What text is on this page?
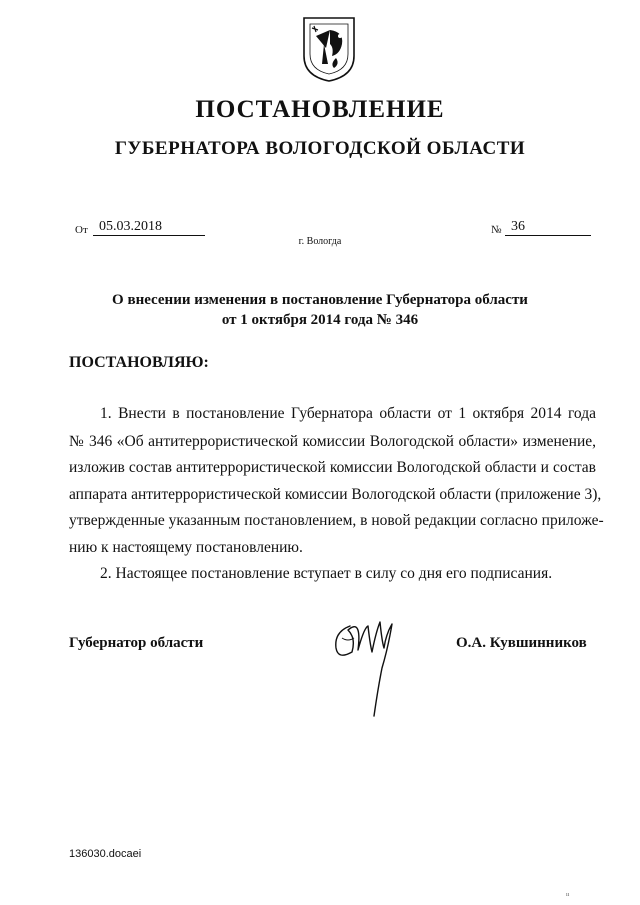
ПОСТАНОВЛЕНИЕ
ГУБЕРНАТОРА ВОЛОГОДСКОЙ ОБЛАСТИ
От 05.03.2018	№ 36
г. Вологда
О внесении изменения в постановление Губернатора области
от 1 октября 2014 года № 346
ПОСТАНОВЛЯЮ:
1. Внести в постановление Губернатора области от 1 октября 2014 года
№ 346 «Об антитеррористической комиссии Вологодской области» изменение,
изложив состав антитеррористической комиссии Вологодской области и состав
аппарата антитеррористической комиссии Вологодской области (приложение 3),
утвержденные указанным постановлением, в новой редакции согласно приложе-
нию к настоящему постановлению.
2. Настоящее постановление вступает в силу со дня его подписания.
Губернатор области	О.А. Кувшинников
136030.docaei
ıı
